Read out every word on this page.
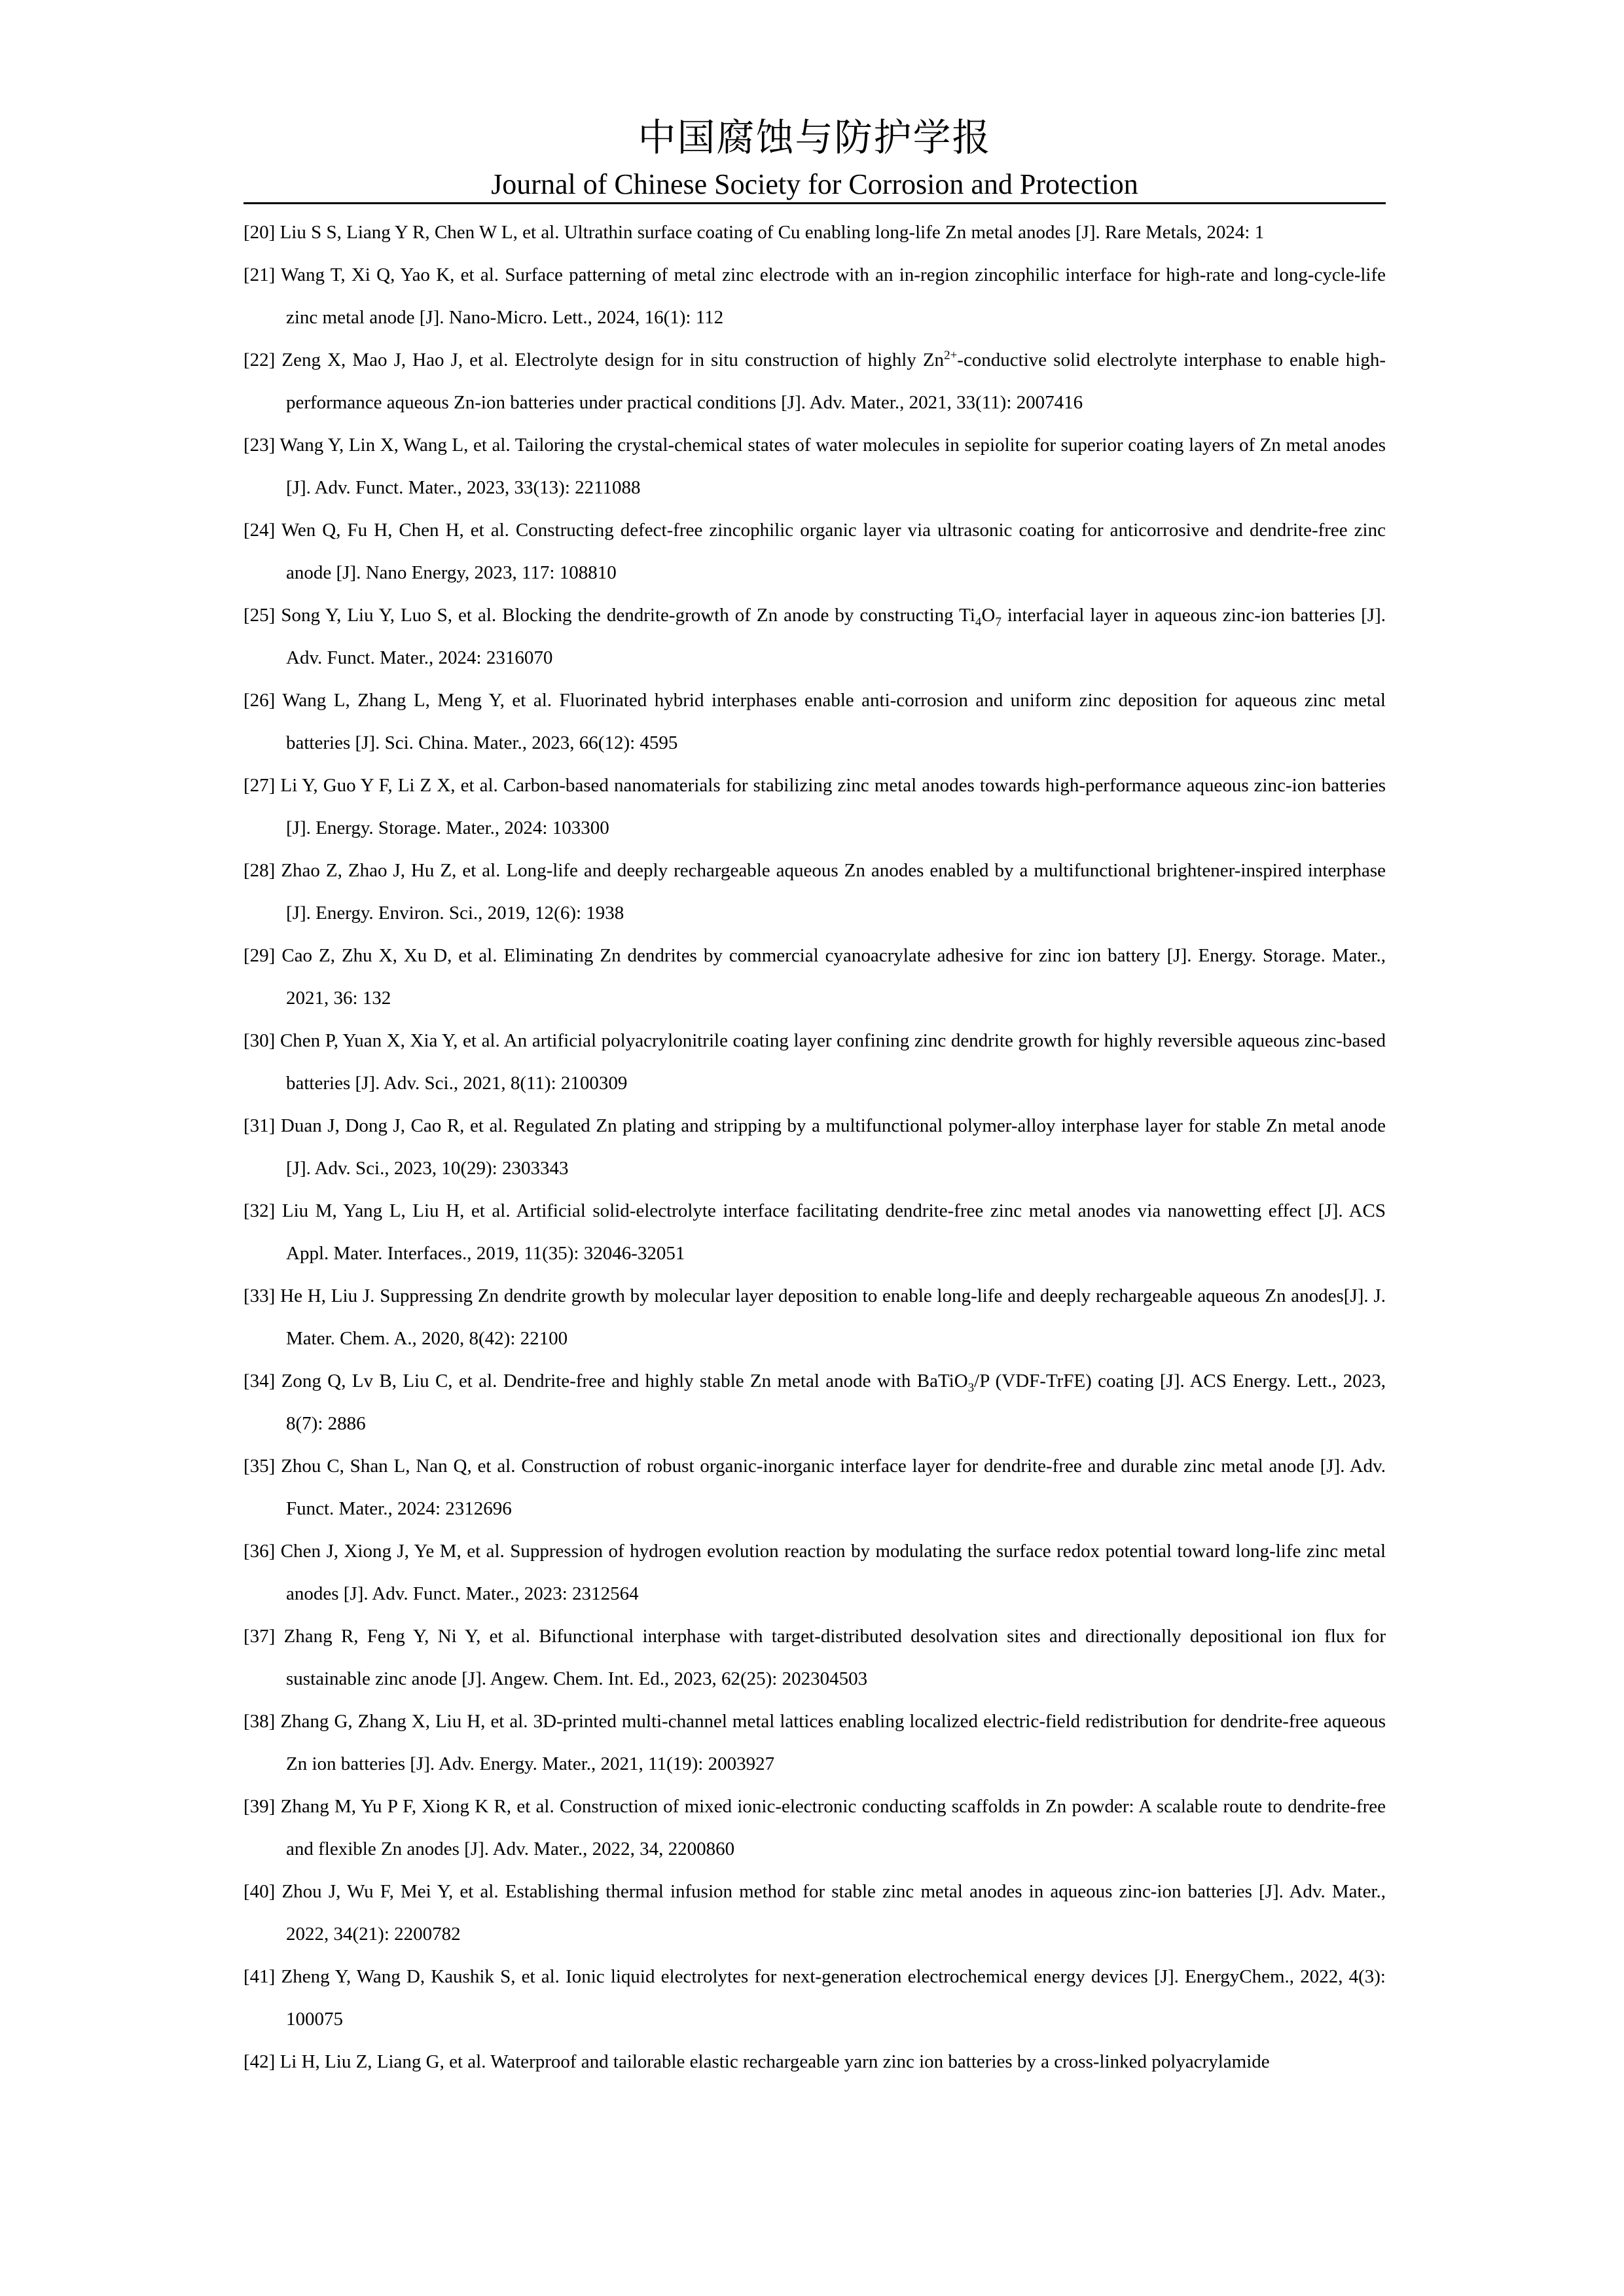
中国腐蚀与防护学报
Journal of Chinese Society for Corrosion and Protection
[20] Liu S S, Liang Y R, Chen W L, et al. Ultrathin surface coating of Cu enabling long-life Zn metal anodes [J]. Rare Metals, 2024: 1
[21] Wang T, Xi Q, Yao K, et al. Surface patterning of metal zinc electrode with an in-region zincophilic interface for high-rate and long-cycle-life zinc metal anode [J]. Nano-Micro. Lett., 2024, 16(1): 112
[22] Zeng X, Mao J, Hao J, et al. Electrolyte design for in situ construction of highly $Zn^{2+}$-conductive solid electrolyte interphase to enable high-performance aqueous Zn-ion batteries under practical conditions [J]. Adv. Mater., 2021, 33(11): 2007416
[23] Wang Y, Lin X, Wang L, et al. Tailoring the crystal-chemical states of water molecules in sepiolite for superior coating layers of Zn metal anodes [J]. Adv. Funct. Mater., 2023, 33(13): 2211088
[24] Wen Q, Fu H, Chen H, et al. Constructing defect-free zincophilic organic layer via ultrasonic coating for anticorrosive and dendrite-free zinc anode [J]. Nano Energy, 2023, 117: 108810
[25] Song Y, Liu Y, Luo S, et al. Blocking the dendrite-growth of Zn anode by constructing $Ti_4O_7$ interfacial layer in aqueous zinc-ion batteries [J]. Adv. Funct. Mater., 2024: 2316070
[26] Wang L, Zhang L, Meng Y, et al. Fluorinated hybrid interphases enable anti-corrosion and uniform zinc deposition for aqueous zinc metal batteries [J]. Sci. China. Mater., 2023, 66(12): 4595
[27] Li Y, Guo Y F, Li Z X, et al. Carbon-based nanomaterials for stabilizing zinc metal anodes towards high-performance aqueous zinc-ion batteries [J]. Energy. Storage. Mater., 2024: 103300
[28] Zhao Z, Zhao J, Hu Z, et al. Long-life and deeply rechargeable aqueous Zn anodes enabled by a multifunctional brightener-inspired interphase [J]. Energy. Environ. Sci., 2019, 12(6): 1938
[29] Cao Z, Zhu X, Xu D, et al. Eliminating Zn dendrites by commercial cyanoacrylate adhesive for zinc ion battery [J]. Energy. Storage. Mater., 2021, 36: 132
[30] Chen P, Yuan X, Xia Y, et al. An artificial polyacrylonitrile coating layer confining zinc dendrite growth for highly reversible aqueous zinc-based batteries [J]. Adv. Sci., 2021, 8(11): 2100309
[31] Duan J, Dong J, Cao R, et al. Regulated Zn plating and stripping by a multifunctional polymer-alloy interphase layer for stable Zn metal anode [J]. Adv. Sci., 2023, 10(29): 2303343
[32] Liu M, Yang L, Liu H, et al. Artificial solid-electrolyte interface facilitating dendrite-free zinc metal anodes via nanowetting effect [J]. ACS Appl. Mater. Interfaces., 2019, 11(35): 32046-32051
[33] He H, Liu J. Suppressing Zn dendrite growth by molecular layer deposition to enable long-life and deeply rechargeable aqueous Zn anodes[J]. J. Mater. Chem. A., 2020, 8(42): 22100
[34] Zong Q, Lv B, Liu C, et al. Dendrite-free and highly stable Zn metal anode with BaTiO$_3$/P (VDF-TrFE) coating [J]. ACS Energy. Lett., 2023, 8(7): 2886
[35] Zhou C, Shan L, Nan Q, et al. Construction of robust organic-inorganic interface layer for dendrite-free and durable zinc metal anode [J]. Adv. Funct. Mater., 2024: 2312696
[36] Chen J, Xiong J, Ye M, et al. Suppression of hydrogen evolution reaction by modulating the surface redox potential toward long-life zinc metal anodes [J]. Adv. Funct. Mater., 2023: 2312564
[37] Zhang R, Feng Y, Ni Y, et al. Bifunctional interphase with target-distributed desolvation sites and directionally depositional ion flux for sustainable zinc anode [J]. Angew. Chem. Int. Ed., 2023, 62(25): 202304503
[38] Zhang G, Zhang X, Liu H, et al. 3D-printed multi-channel metal lattices enabling localized electric-field redistribution for dendrite-free aqueous Zn ion batteries [J]. Adv. Energy. Mater., 2021, 11(19): 2003927
[39] Zhang M, Yu P F, Xiong K R, et al. Construction of mixed ionic-electronic conducting scaffolds in Zn powder: A scalable route to dendrite-free and flexible Zn anodes [J]. Adv. Mater., 2022, 34, 2200860
[40] Zhou J, Wu F, Mei Y, et al. Establishing thermal infusion method for stable zinc metal anodes in aqueous zinc-ion batteries [J]. Adv. Mater., 2022, 34(21): 2200782
[41] Zheng Y, Wang D, Kaushik S, et al. Ionic liquid electrolytes for next-generation electrochemical energy devices [J]. EnergyChem., 2022, 4(3): 100075
[42] Li H, Liu Z, Liang G, et al. Waterproof and tailorable elastic rechargeable yarn zinc ion batteries by a cross-linked polyacrylamide
